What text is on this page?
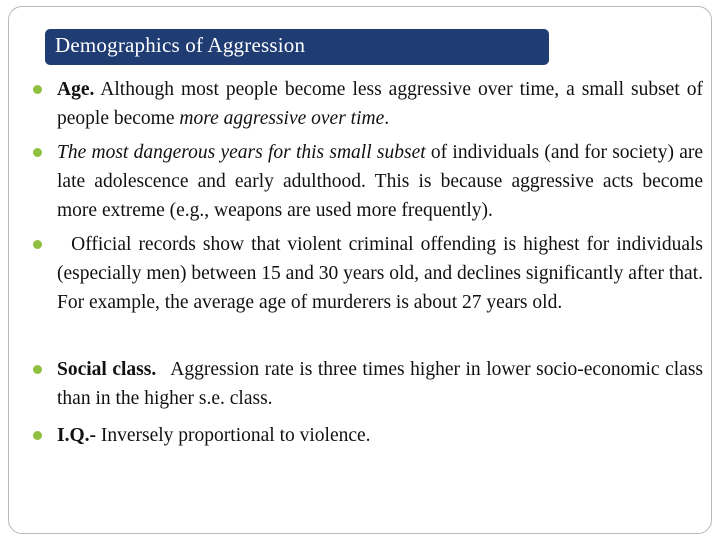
Demographics of Aggression
Age. Although most people become less aggressive over time, a small subset of people become more aggressive over time.
The most dangerous years for this small subset of individuals (and for society) are late adolescence and early adulthood. This is because aggressive acts become more extreme (e.g., weapons are used more frequently).
Official records show that violent criminal offending is highest for individuals (especially men) between 15 and 30 years old, and declines significantly after that. For example, the average age of murderers is about 27 years old.
Social class. Aggression rate is three times higher in lower socio-economic class than in the higher s.e. class.
I.Q.- Inversely proportional to violence.
